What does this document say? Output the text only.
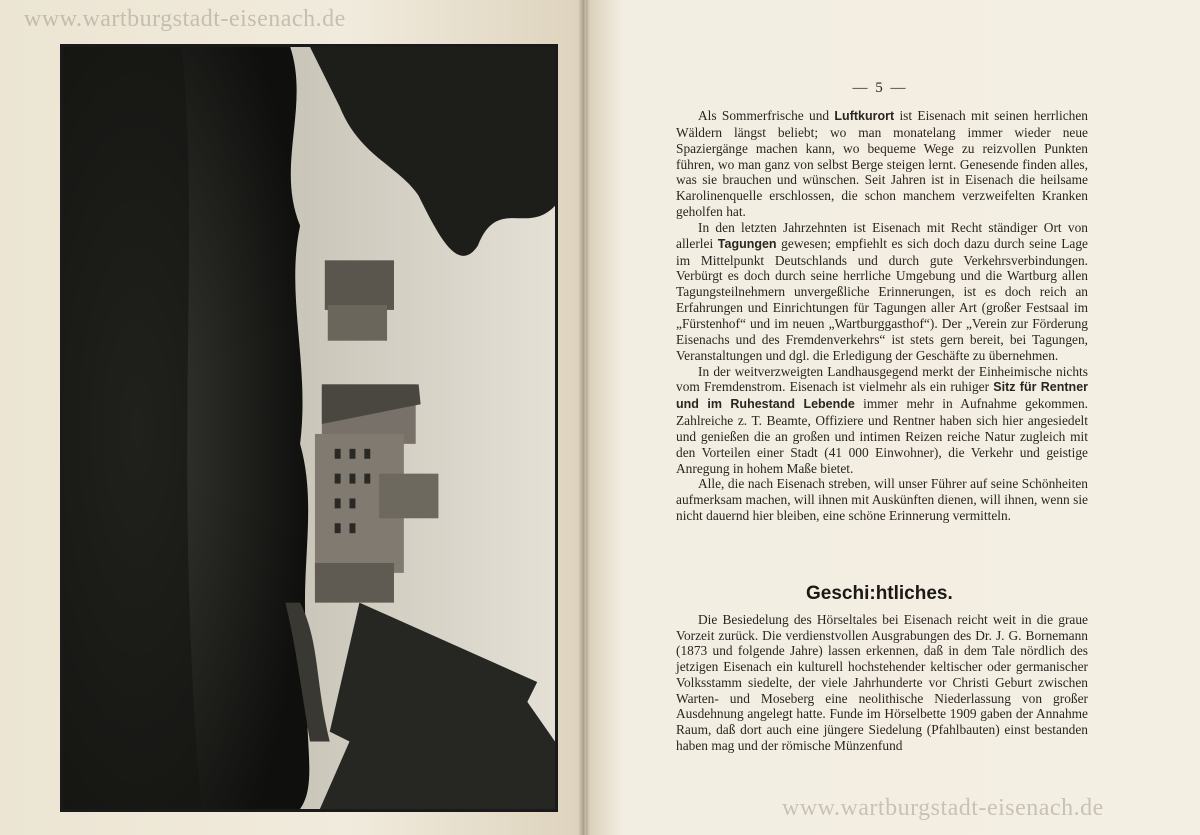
www.wartburgstadt-eisenach.de
— 5 —

Als Sommerfrische und Luftkurort ist Eisenach mit seinen herrlichen Wäldern längst beliebt; wo man monatelang immer wieder neue Spaziergänge machen kann, wo bequeme Wege zu reizvollen Punkten führen, wo man ganz von selbst Berge steigen lernt. Genesende finden alles, was sie brauchen und wünschen. Seit Jahren ist in Eisenach die heilsame Karolinenquelle erschlossen, die schon manchem verzweifelten Kranken geholfen hat.

In den letzten Jahrzehnten ist Eisenach mit Recht ständiger Ort von allerlei Tagungen gewesen; empfiehlt es sich doch dazu durch seine Lage im Mittelpunkt Deutschlands und durch gute Verkehrsverbindungen. Verbürgt es doch durch seine herrliche Umgebung und die Wartburg allen Tagungsteilnehmern unvergeßliche Erinnerungen, ist es doch reich an Erfahrungen und Einrichtungen für Tagungen aller Art (großer Festsaal im „Fürstenhof“ und im neuen „Wartburggasthof“). Der „Verein zur Förderung Eisenachs und des Fremdenverkehrs“ ist stets gern bereit, bei Tagungen, Veranstaltungen und dgl. die Erledigung der Geschäfte zu übernehmen.

In der weitverzweigten Landhausgegend merkt der Einheimische nichts vom Fremdenstrom. Eisenach ist vielmehr als ein ruhiger Sitz für Rentner und im Ruhestand Lebende immer mehr in Aufnahme gekommen. Zahlreiche z. T. Beamte, Offiziere und Rentner haben sich hier angesiedelt und genießen die an großen und intimen Reizen reiche Natur zugleich mit den Vorteilen einer Stadt (41 000 Einwohner), die Verkehr und geistige Anregung in hohem Maße bietet.

Alle, die nach Eisenach streben, will unser Führer auf seine Schönheiten aufmerksam machen, will ihnen mit Auskünften dienen, will ihnen, wenn sie nicht dauernd hier bleiben, eine schöne Erinnerung vermitteln.

Geschi:htliches.

Die Besiedelung des Hörseltales bei Eisenach reicht weit in die graue Vorzeit zurück. Die verdienstvollen Ausgrabungen des Dr. J. G. Bornemann (1873 und folgende Jahre) lassen erkennen, daß in dem Tale nördlich des jetzigen Eisenach ein kulturell hochstehender keltischer oder germanischer Volksstamm siedelte, der viele Jahrhunderte vor Christi Geburt zwischen Warten- und Moseberg eine neolithische Niederlassung von großer Ausdehnung angelegt hatte. Funde im Hörselbette 1909 gaben der Annahme Raum, daß dort auch eine jüngere Siedelung (Pfahlbauten) einst bestanden haben mag und der römische Münzenfund

www.wartburgstadt-eisenach.de
